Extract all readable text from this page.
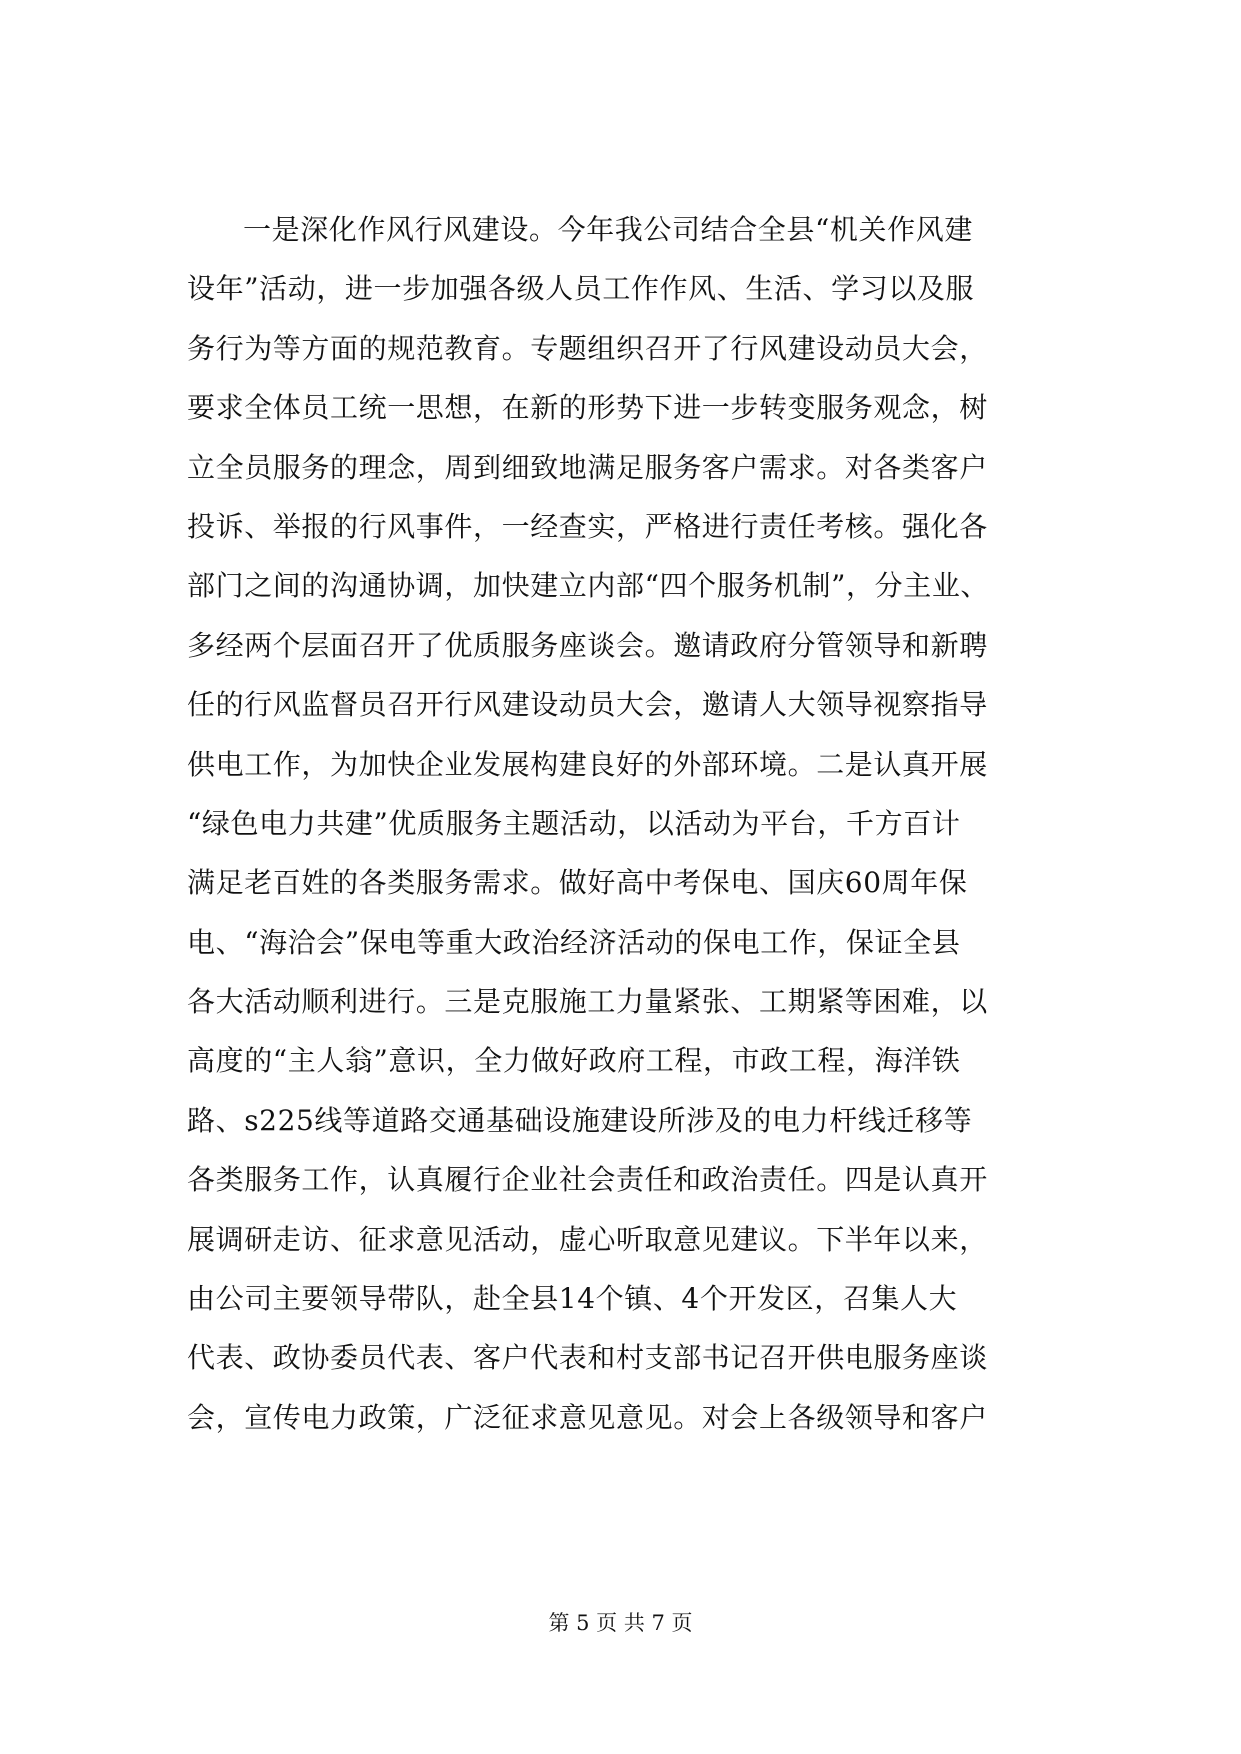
一是深化作风行风建设。今年我公司结合全县“机关作风建
设年”活动，进一步加强各级人员工作作风、生活、学习以及服
务行为等方面的规范教育。专题组织召开了行风建设动员大会，
要求全体员工统一思想，在新的形势下进一步转变服务观念，树
立全员服务的理念，周到细致地满足服务客户需求。对各类客户
投诉、举报的行风事件，一经查实，严格进行责任考核。强化各
部门之间的沟通协调，加快建立内部“四个服务机制”，分主业、
多经两个层面召开了优质服务座谈会。邀请政府分管领导和新聘
任的行风监督员召开行风建设动员大会，邀请人大领导视察指导
供电工作，为加快企业发展构建良好的外部环境。二是认真开展
“绿色电力共建”优质服务主题活动，以活动为平台，千方百计
满足老百姓的各类服务需求。做好高中考保电、国庆60周年保
电、“海洽会”保电等重大政治经济活动的保电工作，保证全县
各大活动顺利进行。三是克服施工力量紧张、工期紧等困难，以
高度的“主人翁”意识，全力做好政府工程，市政工程，海洋铁
路、s225线等道路交通基础设施建设所涉及的电力杆线迁移等
各类服务工作，认真履行企业社会责任和政治责任。四是认真开
展调研走访、征求意见活动，虚心听取意见建议。下半年以来，
由公司主要领导带队，赴全县14个镇、4个开发区，召集人大
代表、政协委员代表、客户代表和村支部书记召开供电服务座谈
会，宣传电力政策，广泛征求意见意见。对会上各级领导和客户
第 5 页 共 7 页
